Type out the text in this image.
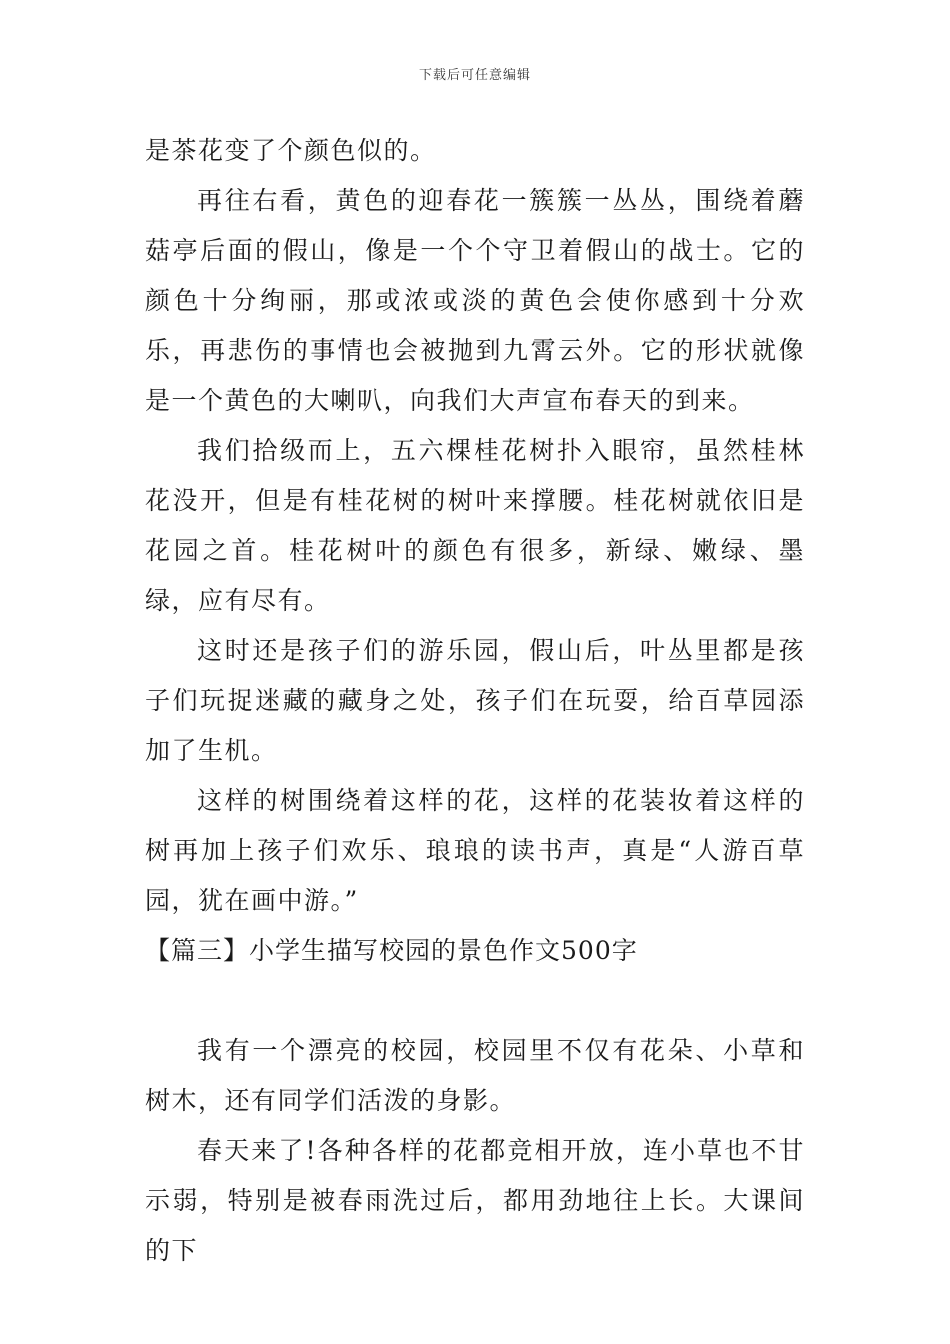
下载后可任意编辑

是茶花变了个颜色似的。

再往右看，黄色的迎春花一簇簇一丛丛，围绕着蘑菇亭后面的假山，像是一个个守卫着假山的战士。它的颜色十分绚丽，那或浓或淡的黄色会使你感到十分欢乐，再悲伤的事情也会被抛到九霄云外。它的形状就像是一个黄色的大喇叭，向我们大声宣布春天的到来。

我们拾级而上，五六棵桂花树扑入眼帘，虽然桂林花没开，但是有桂花树的树叶来撑腰。桂花树就依旧是花园之首。桂花树叶的颜色有很多，新绿、嫩绿、墨绿，应有尽有。

这时还是孩子们的游乐园，假山后，叶丛里都是孩子们玩捉迷藏的藏身之处，孩子们在玩耍，给百草园添加了生机。

这样的树围绕着这样的花，这样的花装妆着这样的树再加上孩子们欢乐、琅琅的读书声，真是“人游百草园，犹在画中游。”

【篇三】小学生描写校园的景色作文500字

我有一个漂亮的校园，校园里不仅有花朵、小草和树木，还有同学们活泼的身影。

春天来了!各种各样的花都竞相开放，连小草也不甘示弱，特别是被春雨洗过后，都用劲地往上长。大课间的下
